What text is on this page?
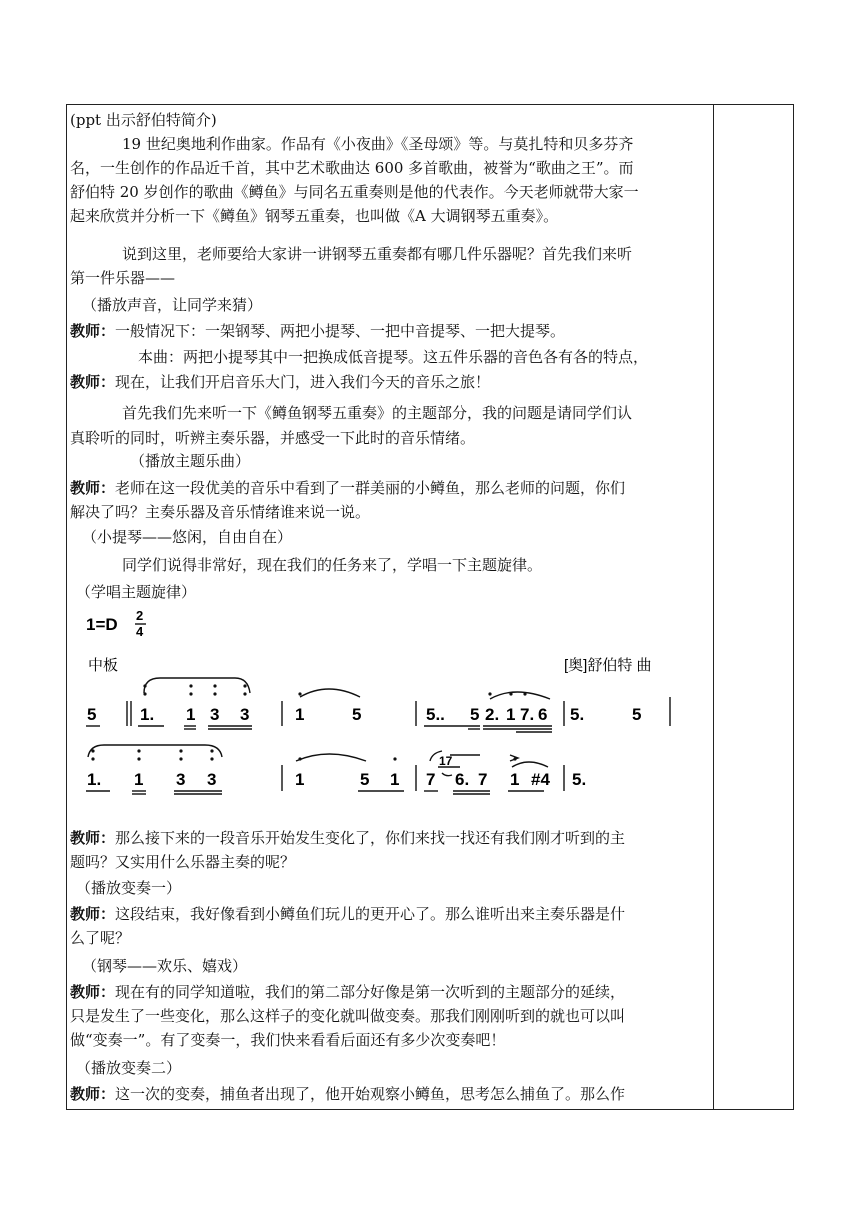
(ppt 出示舒伯特简介)
19 世纪奥地利作曲家。作品有《小夜曲》《圣母颂》等。与莫扎特和贝多芬齐
名，一生创作的作品近千首，其中艺术歌曲达 600 多首歌曲，被誉为“歌曲之王”。而
舒伯特 20 岁创作的歌曲《鳟鱼》与同名五重奏则是他的代表作。今天老师就带大家一
起来欣赏并分析一下《鳟鱼》钢琴五重奏，也叫做《A 大调钢琴五重奏》。
说到这里，老师要给大家讲一讲钢琴五重奏都有哪几件乐器呢？首先我们来听
第一件乐器——
（播放声音，让同学来猜）
教师：一般情况下：一架钢琴、两把小提琴、一把中音提琴、一把大提琴。
本曲：两把小提琴其中一把换成低音提琴。这五件乐器的音色各有各的特点，
教师：现在，让我们开启音乐大门，进入我们今天的音乐之旅！
首先我们先来听一下《鳟鱼钢琴五重奏》的主题部分，我的问题是请同学们认
真聆听的同时，听辨主奏乐器，并感受一下此时的音乐情绪。
（播放主题乐曲）
教师：老师在这一段优美的音乐中看到了一群美丽的小鳟鱼，那么老师的问题，你们
解决了吗？主奏乐器及音乐情绪谁来说一说。
（小提琴——悠闲，自由自在）
同学们说得非常好，现在我们的任务来了，学唱一下主题旋律。
（学唱主题旋律）
1=D 2
4
中板	[奥]舒伯特 曲
5	1. 1 3 3	1	5	5.. 5 2. 1 7. 6 5.	5
1. 1 3 3	1	5 1 7
17
6. 7 1 #4 5.
教师：那么接下来的一段音乐开始发生变化了，你们来找一找还有我们刚才听到的主
题吗？又实用什么乐器主奏的呢？
（播放变奏一）
教师：这段结束，我好像看到小鳟鱼们玩儿的更开心了。那么谁听出来主奏乐器是什
么了呢？
（钢琴——欢乐、嬉戏）
教师：现在有的同学知道啦，我们的第二部分好像是第一次听到的主题部分的延续，
只是发生了一些变化，那么这样子的变化就叫做变奏。那我们刚刚听到的就也可以叫
做“变奏一”。有了变奏一，我们快来看看后面还有多少次变奏吧！
（播放变奏二）
教师：这一次的变奏，捕鱼者出现了，他开始观察小鳟鱼，思考怎么捕鱼了。那么作
